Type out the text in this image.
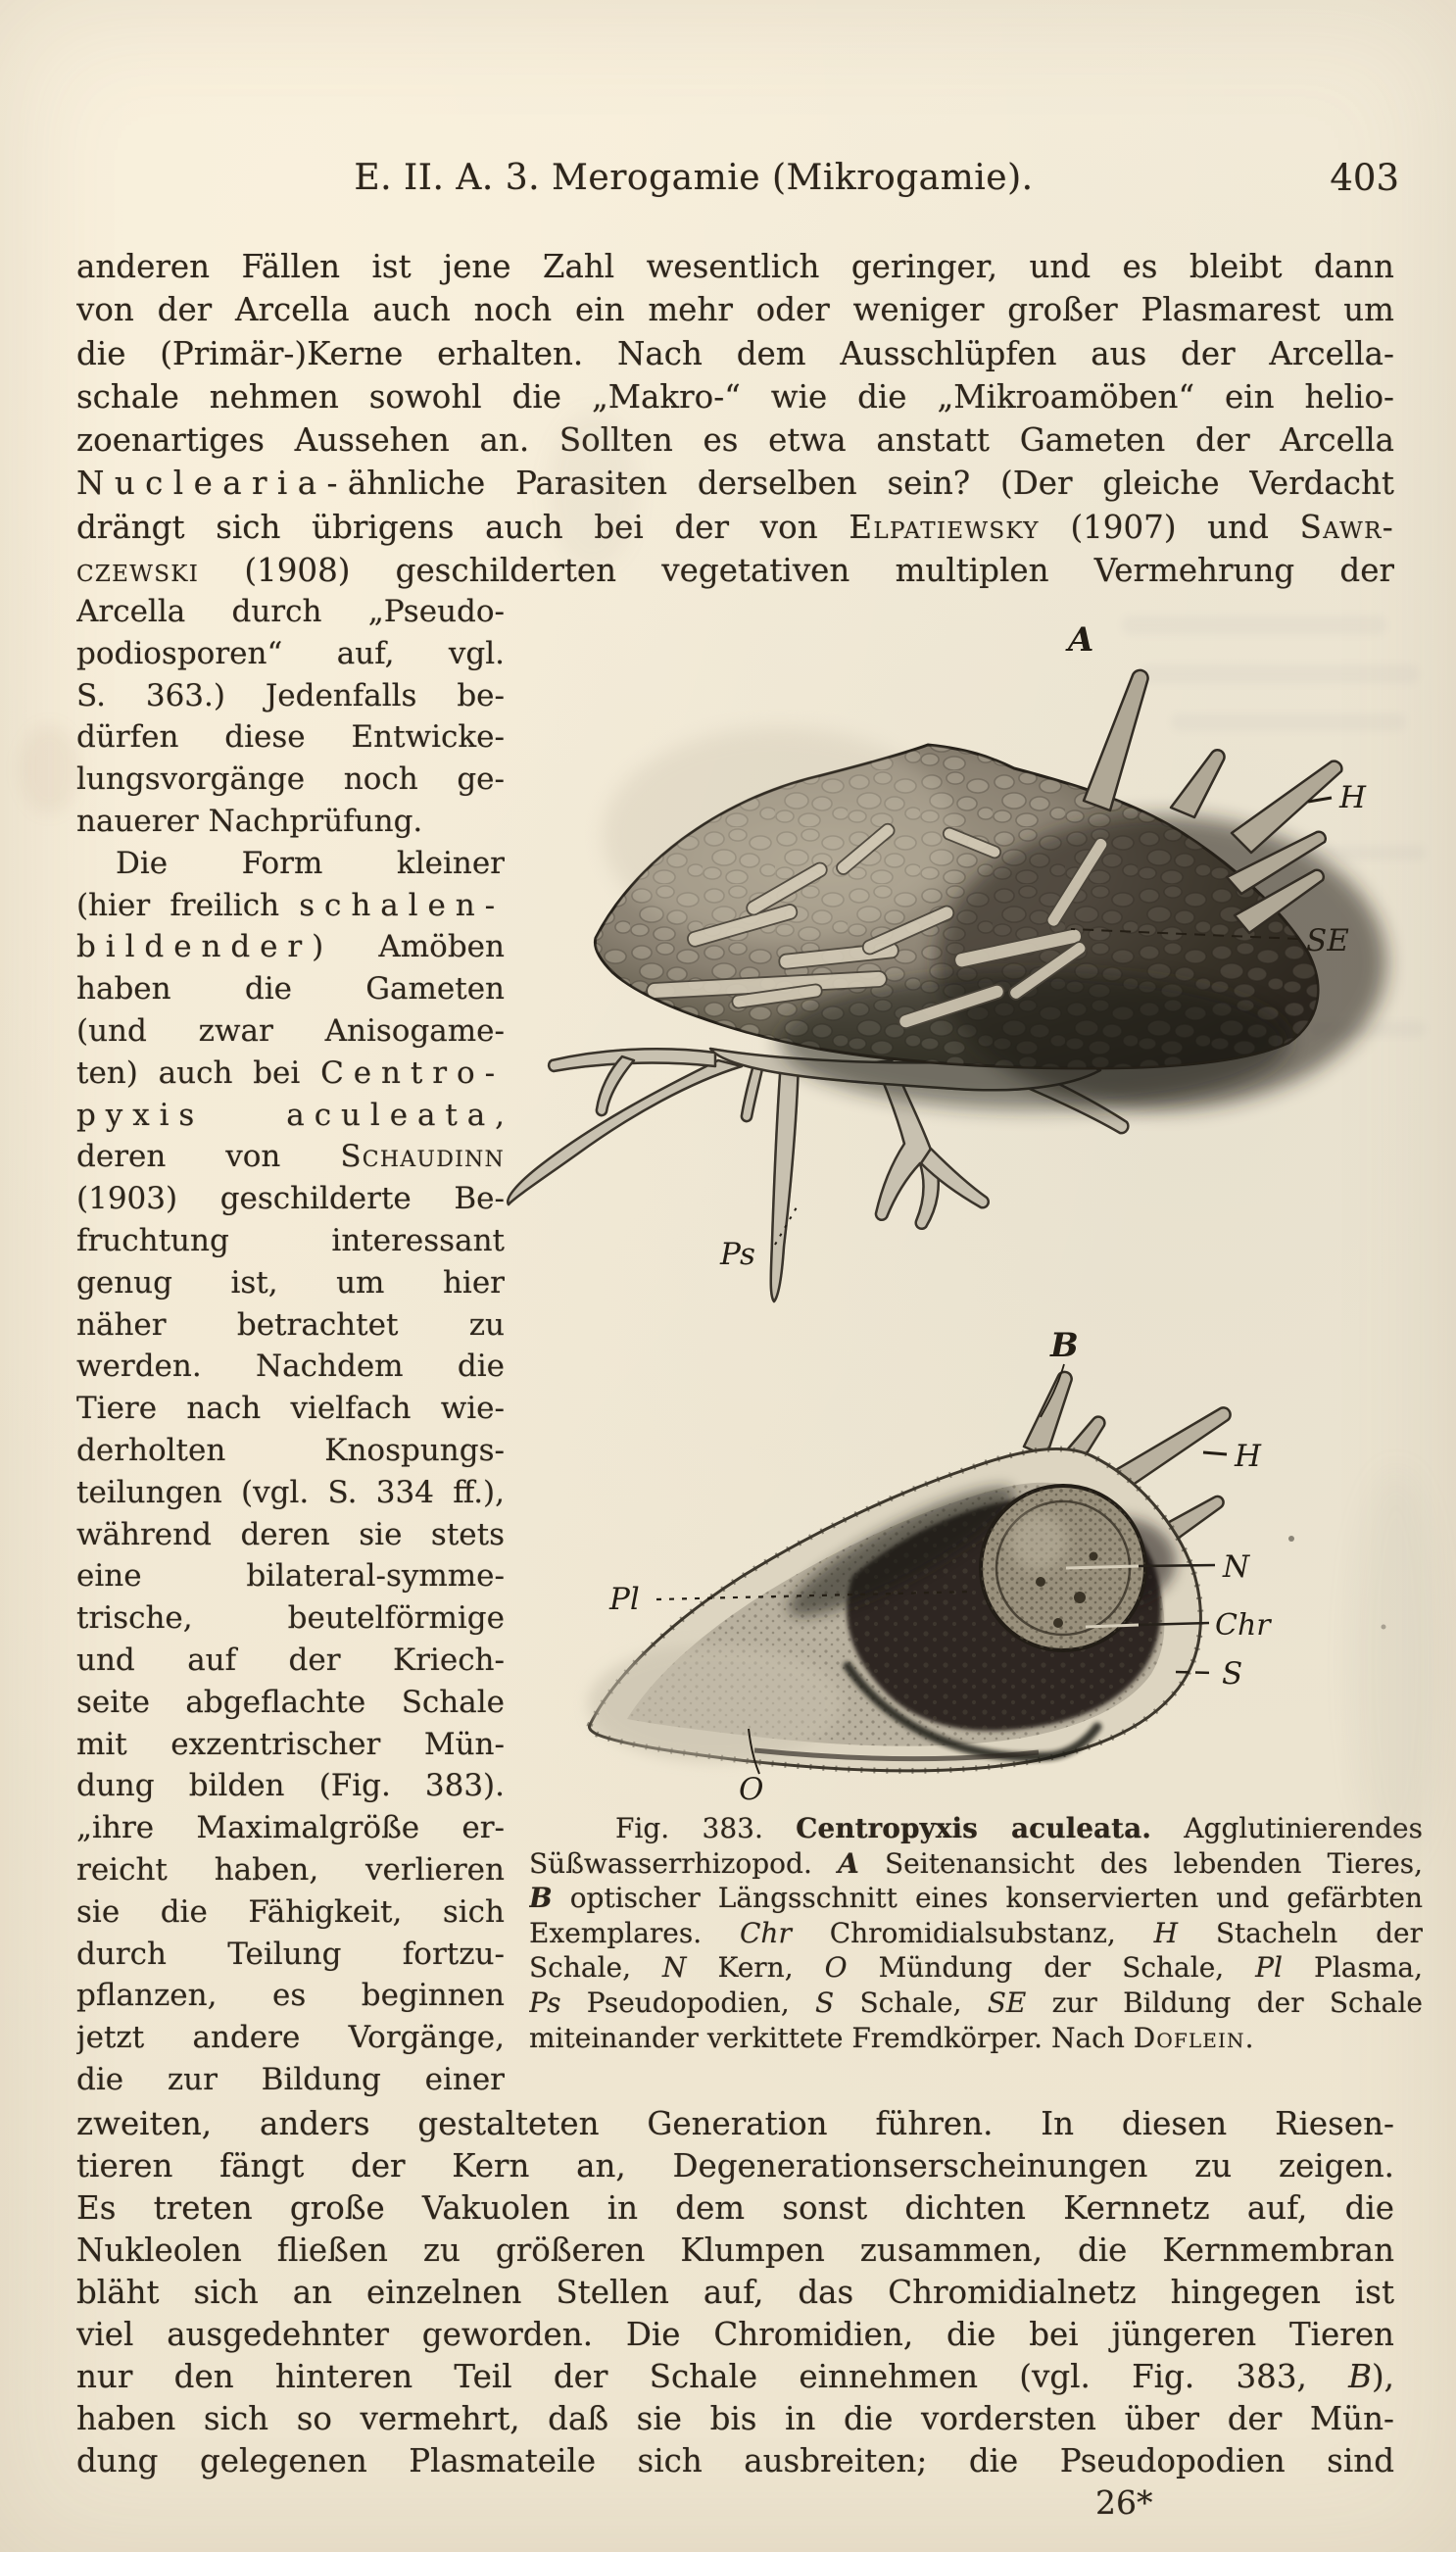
E. II. A. 3. Merogamie (Mikrogamie).	403
anderen Fällen ist jene Zahl wesentlich geringer, und es bleibt dann
von der Arcella auch noch ein mehr oder weniger großer Plasmarest um
die (Primär-)Kerne erhalten. Nach dem Ausschlüpfen aus der Arcella-
schale nehmen sowohl die „Makro-“ wie die „Mikroamöben“ ein helio-
zoenartiges Aussehen an. Sollten es etwa anstatt Gameten der Arcella
Nuclearia-ähnliche Parasiten derselben sein? (Der gleiche Verdacht
drängt sich übrigens auch bei der von Elpatiewsky (1907) und Sawr-
czewski (1908) geschilderten vegetativen multiplen Vermehrung der
Arcella durch „Pseudo-
podiosporen“ auf, vgl.
S. 363.) Jedenfalls be-
dürfen diese Entwicke-
lungsvorgänge noch ge-
nauerer Nachprüfung.
Die Form kleiner
(hier freilich schalen-
bildender) Amöben
haben die Gameten
(und zwar Anisogame-
ten) auch bei Centro-
pyxis aculeata,
deren von Schaudinn
(1903) geschilderte Be-
fruchtung interessant
genug ist, um hier
näher betrachtet zu
werden. Nachdem die
Tiere nach vielfach wie-
derholten Knospungs-
teilungen (vgl. S. 334 ff.),
während deren sie stets
eine bilateral-symme-
trische, beutelförmige
und auf der Kriech-
seite abgeflachte Schale
mit exzentrischer Mün-
dung bilden (Fig. 383).
„ihre Maximalgröße er-
reicht haben, verlieren
sie die Fähigkeit, sich
durch Teilung fortzu-
pflanzen, es beginnen
jetzt andere Vorgänge,
die zur Bildung einer
Fig. 383. Centropyxis aculeata. Agglutinierendes
Süßwasserrhizopod. A Seitenansicht des lebenden Tieres,
B optischer Längsschnitt eines konservierten und gefärbten
Exemplares. Chr Chromidialsubstanz, H Stacheln der
Schale, N Kern, O Mündung der Schale, Pl Plasma,
Ps Pseudopodien, S Schale, SE zur Bildung der Schale
miteinander verkittete Fremdkörper. Nach Doflein.
zweiten, anders gestalteten Generation führen. In diesen Riesen-
tieren fängt der Kern an, Degenerationserscheinungen zu zeigen.
Es treten große Vakuolen in dem sonst dichten Kernnetz auf, die
Nukleolen fließen zu größeren Klumpen zusammen, die Kernmembran
bläht sich an einzelnen Stellen auf, das Chromidialnetz hingegen ist
viel ausgedehnter geworden. Die Chromidien, die bei jüngeren Tieren
nur den hinteren Teil der Schale einnehmen (vgl. Fig. 383, B),
haben sich so vermehrt, daß sie bis in die vordersten über der Mün-
dung gelegenen Plasmateile sich ausbreiten; die Pseudopodien sind
26*
A
H
SE
Ps
B
H
N
Chr
S
Pl
O
